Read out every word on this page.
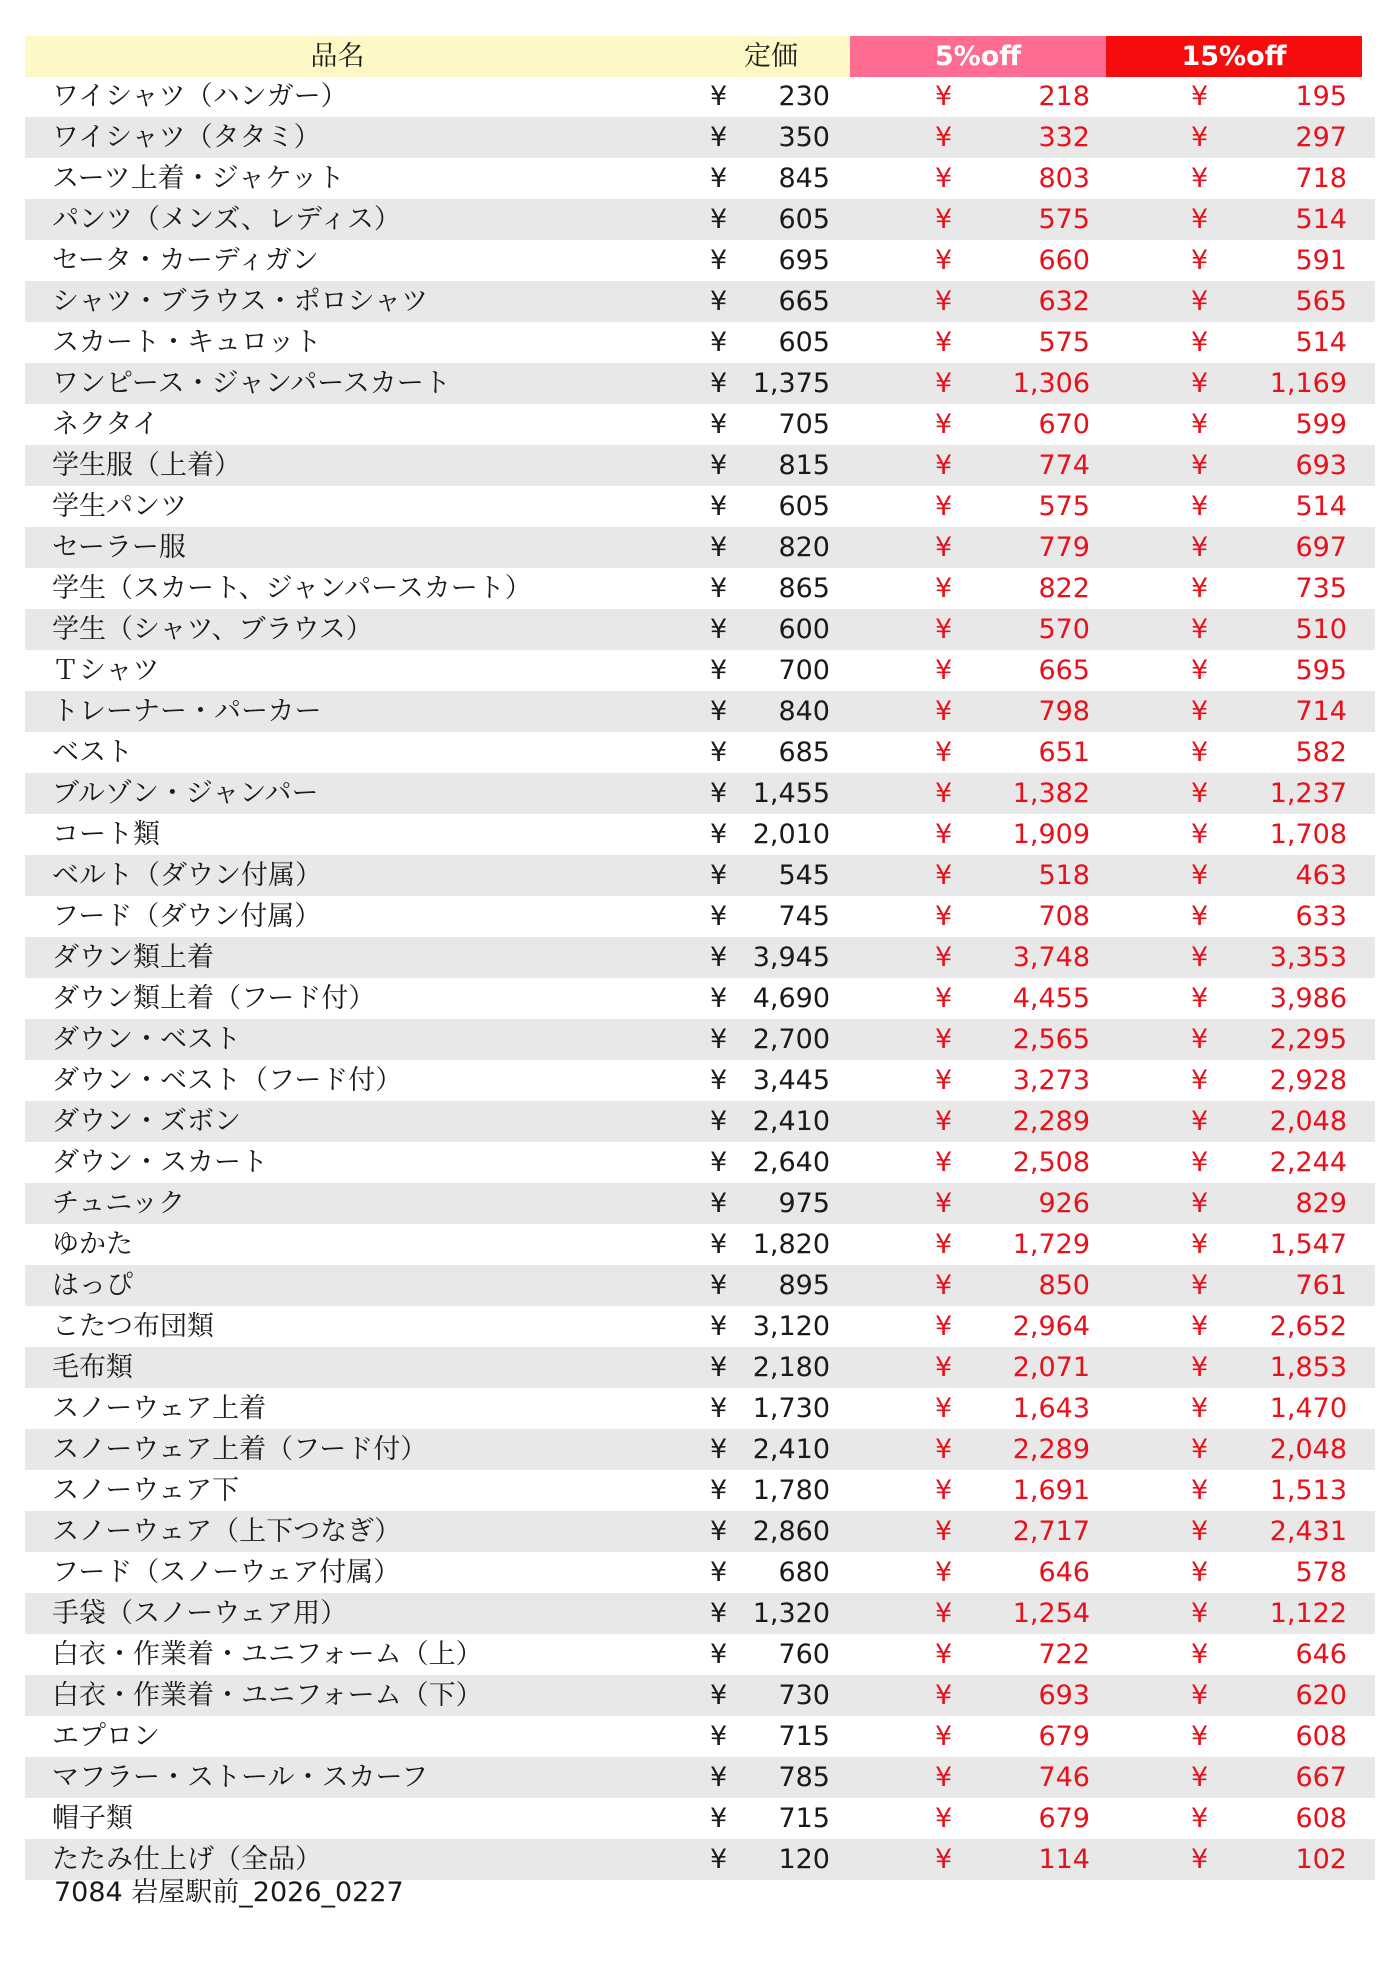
品名	定価	5%off	15%off
ワイシャツ（ハンガー）	¥ 230	¥	218	¥	195
ワイシャツ（タタミ）	¥ 350	¥	332	¥	297
スーツ上着・ジャケット	¥ 845	¥	803	¥	718
パンツ（メンズ、レディス）	¥ 605	¥	575	¥	514
セータ・カーディガン	¥ 695	¥	660	¥	591
シャツ・ブラウス・ポロシャツ	¥ 665	¥	632	¥	565
スカート・キュロット	¥ 605	¥	575	¥	514
ワンピース・ジャンパースカート	¥ 1,375	¥ 1,306	¥ 1,169
ネクタイ	¥ 705	¥	670	¥	599
学生服（上着）	¥ 815	¥	774	¥	693
学生パンツ	¥ 605	¥	575	¥	514
セーラー服	¥ 820	¥	779	¥	697
学生（スカート、ジャンパースカート）	¥ 865	¥	822	¥	735
学生（シャツ、ブラウス）	¥ 600	¥	570	¥	510
Ｔシャツ	¥ 700	¥	665	¥	595
トレーナー・パーカー	¥ 840	¥	798	¥	714
ベスト	¥ 685	¥	651	¥	582
ブルゾン・ジャンパー	¥ 1,455	¥ 1,382	¥ 1,237
コート類	¥ 2,010	¥ 1,909	¥ 1,708
ベルト（ダウン付属）	¥ 545	¥	518	¥	463
フード（ダウン付属）	¥ 745	¥	708	¥	633
ダウン類上着	¥ 3,945	¥ 3,748	¥ 3,353
ダウン類上着（フード付）	¥ 4,690	¥ 4,455	¥ 3,986
ダウン・ベスト	¥ 2,700	¥ 2,565	¥ 2,295
ダウン・ベスト（フード付）	¥ 3,445	¥ 3,273	¥ 2,928
ダウン・ズボン	¥ 2,410	¥ 2,289	¥ 2,048
ダウン・スカート	¥ 2,640	¥ 2,508	¥ 2,244
チュニック	¥ 975	¥	926	¥	829
ゆかた	¥ 1,820	¥ 1,729	¥ 1,547
はっぴ	¥ 895	¥	850	¥	761
こたつ布団類	¥ 3,120	¥ 2,964	¥ 2,652
毛布類	¥ 2,180	¥ 2,071	¥ 1,853
スノーウェア上着	¥ 1,730	¥ 1,643	¥ 1,470
スノーウェア上着（フード付）	¥ 2,410	¥ 2,289	¥ 2,048
スノーウェア下	¥ 1,780	¥ 1,691	¥ 1,513
スノーウェア（上下つなぎ）	¥ 2,860	¥ 2,717	¥ 2,431
フード（スノーウェア付属）	¥ 680	¥	646	¥	578
手袋（スノーウェア用）	¥ 1,320	¥ 1,254	¥ 1,122
白衣・作業着・ユニフォーム（上）	¥ 760	¥	722	¥	646
白衣・作業着・ユニフォーム（下）	¥ 730	¥	693	¥	620
エプロン	¥ 715	¥	679	¥	608
マフラー・ストール・スカーフ	¥ 785	¥	746	¥	667
帽子類	¥ 715	¥	679	¥	608
たたみ仕上げ（全品）	¥ 120	¥	114	¥	102
7084 岩屋駅前_2026_0227
